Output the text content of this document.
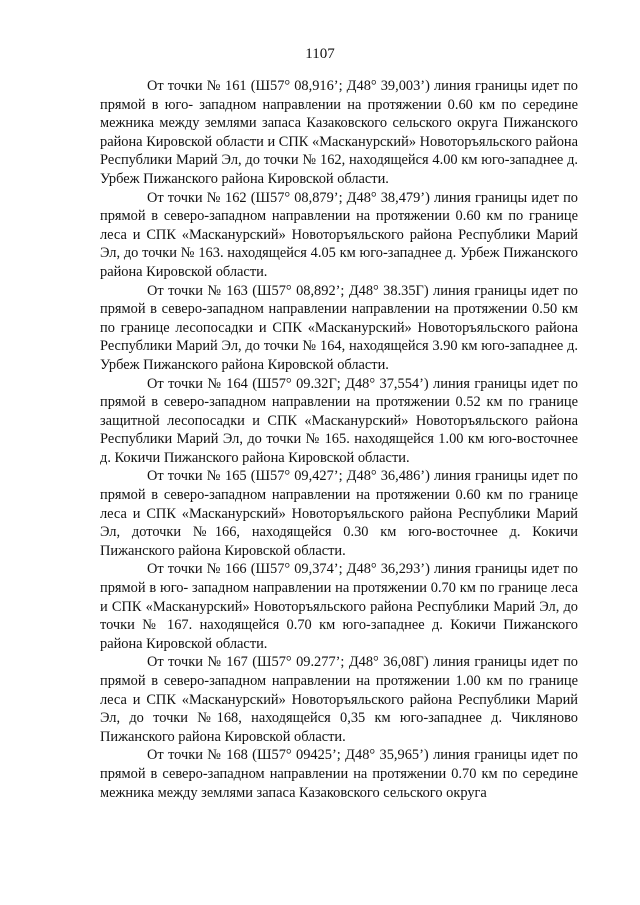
1107

От точки № 161 (Ш57° 08,916’; Д48° 39,003’) линия границы идет по прямой в юго- западном направлении на протяжении 0.60 км по середине межника между землями запаса Казаковского сельского округа Пижанского района Кировской области и СПК «Масканурский» Новоторъяльского района Республики Марий Эл, до точки № 162, находящейся 4.00 км юго-западнее д. Урбеж Пижанского района Кировской области.

От точки № 162 (Ш57° 08,879’; Д48° 38,479’) линия границы идет по прямой в северо-западном направлении на протяжении 0.60 км по границе леса и СПК «Масканурский» Новоторъяльского района Республики Марий Эл, до точки № 163. находящейся 4.05 км юго-западнее д. Урбеж Пижанского района Кировской области.

От точки № 163 (Ш57° 08,892’; Д48° 38.35Г) линия границы идет по прямой в северо-западном направлении направлении на протяжении 0.50 км по границе лесопосадки и СПК «Масканурский» Новоторъяльского района Республики Марий Эл, до точки № 164, находящейся 3.90 км юго-западнее д. Урбеж Пижанского района Кировской области.

От точки № 164 (Ш57° 09.32Г; Д48° 37,554’) линия границы идет по прямой в северо-западном направлении на протяжении 0.52 км по границе защитной лесопосадки и СПК «Масканурский» Новоторъяльского района Республики Марий Эл, до точки № 165. находящейся 1.00 км юго-восточнее д. Кокичи Пижанского района Кировской области.

От точки № 165 (Ш57° 09,427’; Д48° 36,486’) линия границы идет по прямой в северо-западном направлении на протяжении 0.60 км по границе леса и СПК «Масканурский» Новоторъяльского района Республики Марий Эл, доточки №166, находящейся 0.30 км юго-восточнее д. Кокичи Пижанского района Кировской области.

От точки № 166 (Ш57° 09,374’; Д48° 36,293’) линия границы идет по прямой в юго- западном направлении на протяжении 0.70 км по границе леса и СПК «Масканурский» Новоторъяльского района Республики Марий Эл, до точки № 167. находящейся 0.70 км юго-западнее д. Кокичи Пижанского района Кировской области.

От точки № 167 (Ш57° 09.277’; Д48° 36,08Г) линия границы идет по прямой в северо-западном направлении на протяжении 1.00 км по границе леса и СПК «Масканурский» Новоторъяльского района Республики Марий Эл, до точки №168, находящейся 0,35 км юго-западнее д. Чикляново Пижанского района Кировской области.

От точки № 168 (Ш57° 09425’; Д48° 35,965’) линия границы идет по прямой в северо-западном направлении на протяжении 0.70 км по середине межника между землями запаса Казаковского сельского округа
